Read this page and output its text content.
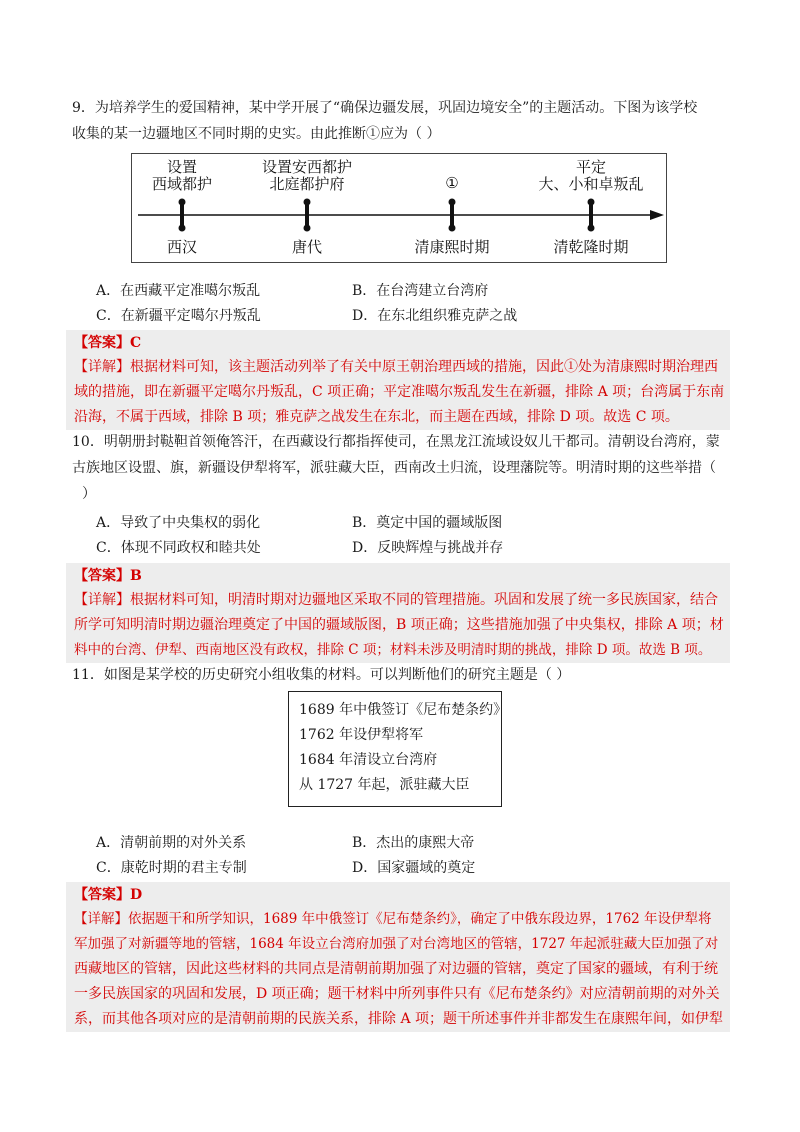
9．为培养学生的爱国精神，某中学开展了“确保边疆发展，巩固边境安全”的主题活动。下图为该学校
收集的某一边疆地区不同时期的史实。由此推断①应为（ ）
设置
西域都护
设置安西都护
北庭都护府	①
平定
大、小和卓叛乱
西汉	唐代	清康熙时期	清乾隆时期
A．在西藏平定准噶尔叛乱	B．在台湾建立台湾府
C．在新疆平定噶尔丹叛乱	D．在东北组织雅克萨之战
【答案】C
【详解】根据材料可知，该主题活动列举了有关中原王朝治理西域的措施，因此①处为清康熙时期治理西
域的措施，即在新疆平定噶尔丹叛乱，C 项正确；平定准噶尔叛乱发生在新疆，排除 A 项；台湾属于东南
沿海，不属于西域，排除 B 项；雅克萨之战发生在东北，而主题在西域，排除 D 项。故选 C 项。
10．明朝册封鞑靼首领俺答汗，在西藏设行都指挥使司，在黑龙江流域设奴儿干都司。清朝设台湾府，蒙
古族地区设盟、旗，新疆设伊犁将军，派驻藏大臣，西南改土归流，设理藩院等。明清时期的这些举措（
）
A．导致了中央集权的弱化	B．奠定中国的疆域版图
C．体现不同政权和睦共处	D．反映辉煌与挑战并存
【答案】B
【详解】根据材料可知，明清时期对边疆地区采取不同的管理措施。巩固和发展了统一多民族国家，结合
所学可知明清时期边疆治理奠定了中国的疆域版图，B 项正确；这些措施加强了中央集权，排除 A 项；材
料中的台湾、伊犁、西南地区没有政权，排除 C 项；材料未涉及明清时期的挑战，排除 D 项。故选 B 项。
11．如图是某学校的历史研究小组收集的材料。可以判断他们的研究主题是（ ）
1689 年中俄签订《尼布楚条约》
1762 年设伊犁将军
1684 年清设立台湾府
从 1727 年起，派驻藏大臣
A．清朝前期的对外关系	B．杰出的康熙大帝
C．康乾时期的君主专制	D．国家疆域的奠定
【答案】D
【详解】依据题干和所学知识，1689 年中俄签订《尼布楚条约》，确定了中俄东段边界，1762 年设伊犁将
军加强了对新疆等地的管辖，1684 年设立台湾府加强了对台湾地区的管辖，1727 年起派驻藏大臣加强了对
西藏地区的管辖，因此这些材料的共同点是清朝前期加强了对边疆的管辖，奠定了国家的疆域，有利于统
一多民族国家的巩固和发展，D 项正确；题干材料中所列事件只有《尼布楚条约》对应清朝前期的对外关
系，而其他各项对应的是清朝前期的民族关系，排除 A 项；题干所述事件并非都发生在康熙年间，如伊犁
